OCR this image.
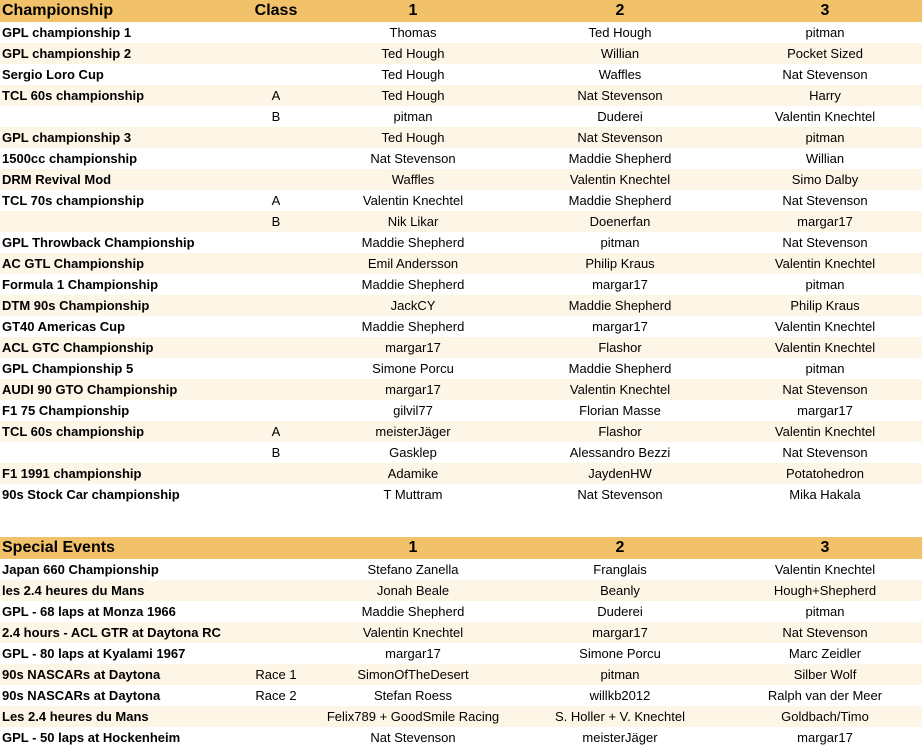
Championship	Class	1	2	3
GPL championship 1		Thomas	Ted Hough	pitman
GPL championship 2		Ted Hough	Willian	Pocket Sized
Sergio Loro Cup		Ted Hough	Waffles	Nat Stevenson
TCL 60s championship	A	Ted Hough	Nat Stevenson	Harry
	B	pitman	Duderei	Valentin Knechtel
GPL championship 3		Ted Hough	Nat Stevenson	pitman
1500cc championship		Nat Stevenson	Maddie Shepherd	Willian
DRM Revival Mod		Waffles	Valentin Knechtel	Simo Dalby
TCL 70s championship	A	Valentin Knechtel	Maddie Shepherd	Nat Stevenson
	B	Nik Likar	Doenerfan	margar17
GPL Throwback Championship		Maddie Shepherd	pitman	Nat Stevenson
AC GTL Championship		Emil Andersson	Philip Kraus	Valentin Knechtel
Formula 1 Championship		Maddie Shepherd	margar17	pitman
DTM 90s Championship		JackCY	Maddie Shepherd	Philip Kraus
GT40 Americas Cup		Maddie Shepherd	margar17	Valentin Knechtel
ACL GTC Championship		margar17	Flashor	Valentin Knechtel
GPL Championship 5		Simone Porcu	Maddie Shepherd	pitman
AUDI 90 GTO Championship		margar17	Valentin Knechtel	Nat Stevenson
F1 75 Championship		gilvil77	Florian Masse	margar17
TCL 60s championship	A	meisterJäger	Flashor	Valentin Knechtel
	B	Gasklep	Alessandro Bezzi	Nat Stevenson
F1 1991 championship		Adamike	JaydenHW	Potatohedron
90s Stock Car championship		T Muttram	Nat Stevenson	Mika Hakala
Special Events		1	2	3
Japan 660 Championship		Stefano Zanella	Franglais	Valentin Knechtel
les 2.4 heures du Mans		Jonah Beale	Beanly	Hough+Shepherd
GPL - 68 laps at Monza 1966		Maddie Shepherd	Duderei	pitman
2.4 hours - ACL GTR at Daytona RC		Valentin Knechtel	margar17	Nat Stevenson
GPL - 80 laps at Kyalami 1967		margar17	Simone Porcu	Marc Zeidler
90s NASCARs at Daytona	Race 1	SimonOfTheDesert	pitman	Silber Wolf
90s NASCARs at Daytona	Race 2	Stefan Roess	willkb2012	Ralph van der Meer
Les 2.4 heures du Mans		Felix789 + GoodSmile Racing	S. Holler + V. Knechtel	Goldbach/Timo
GPL - 50 laps at Hockenheim		Nat Stevenson	meisterJäger	margar17
